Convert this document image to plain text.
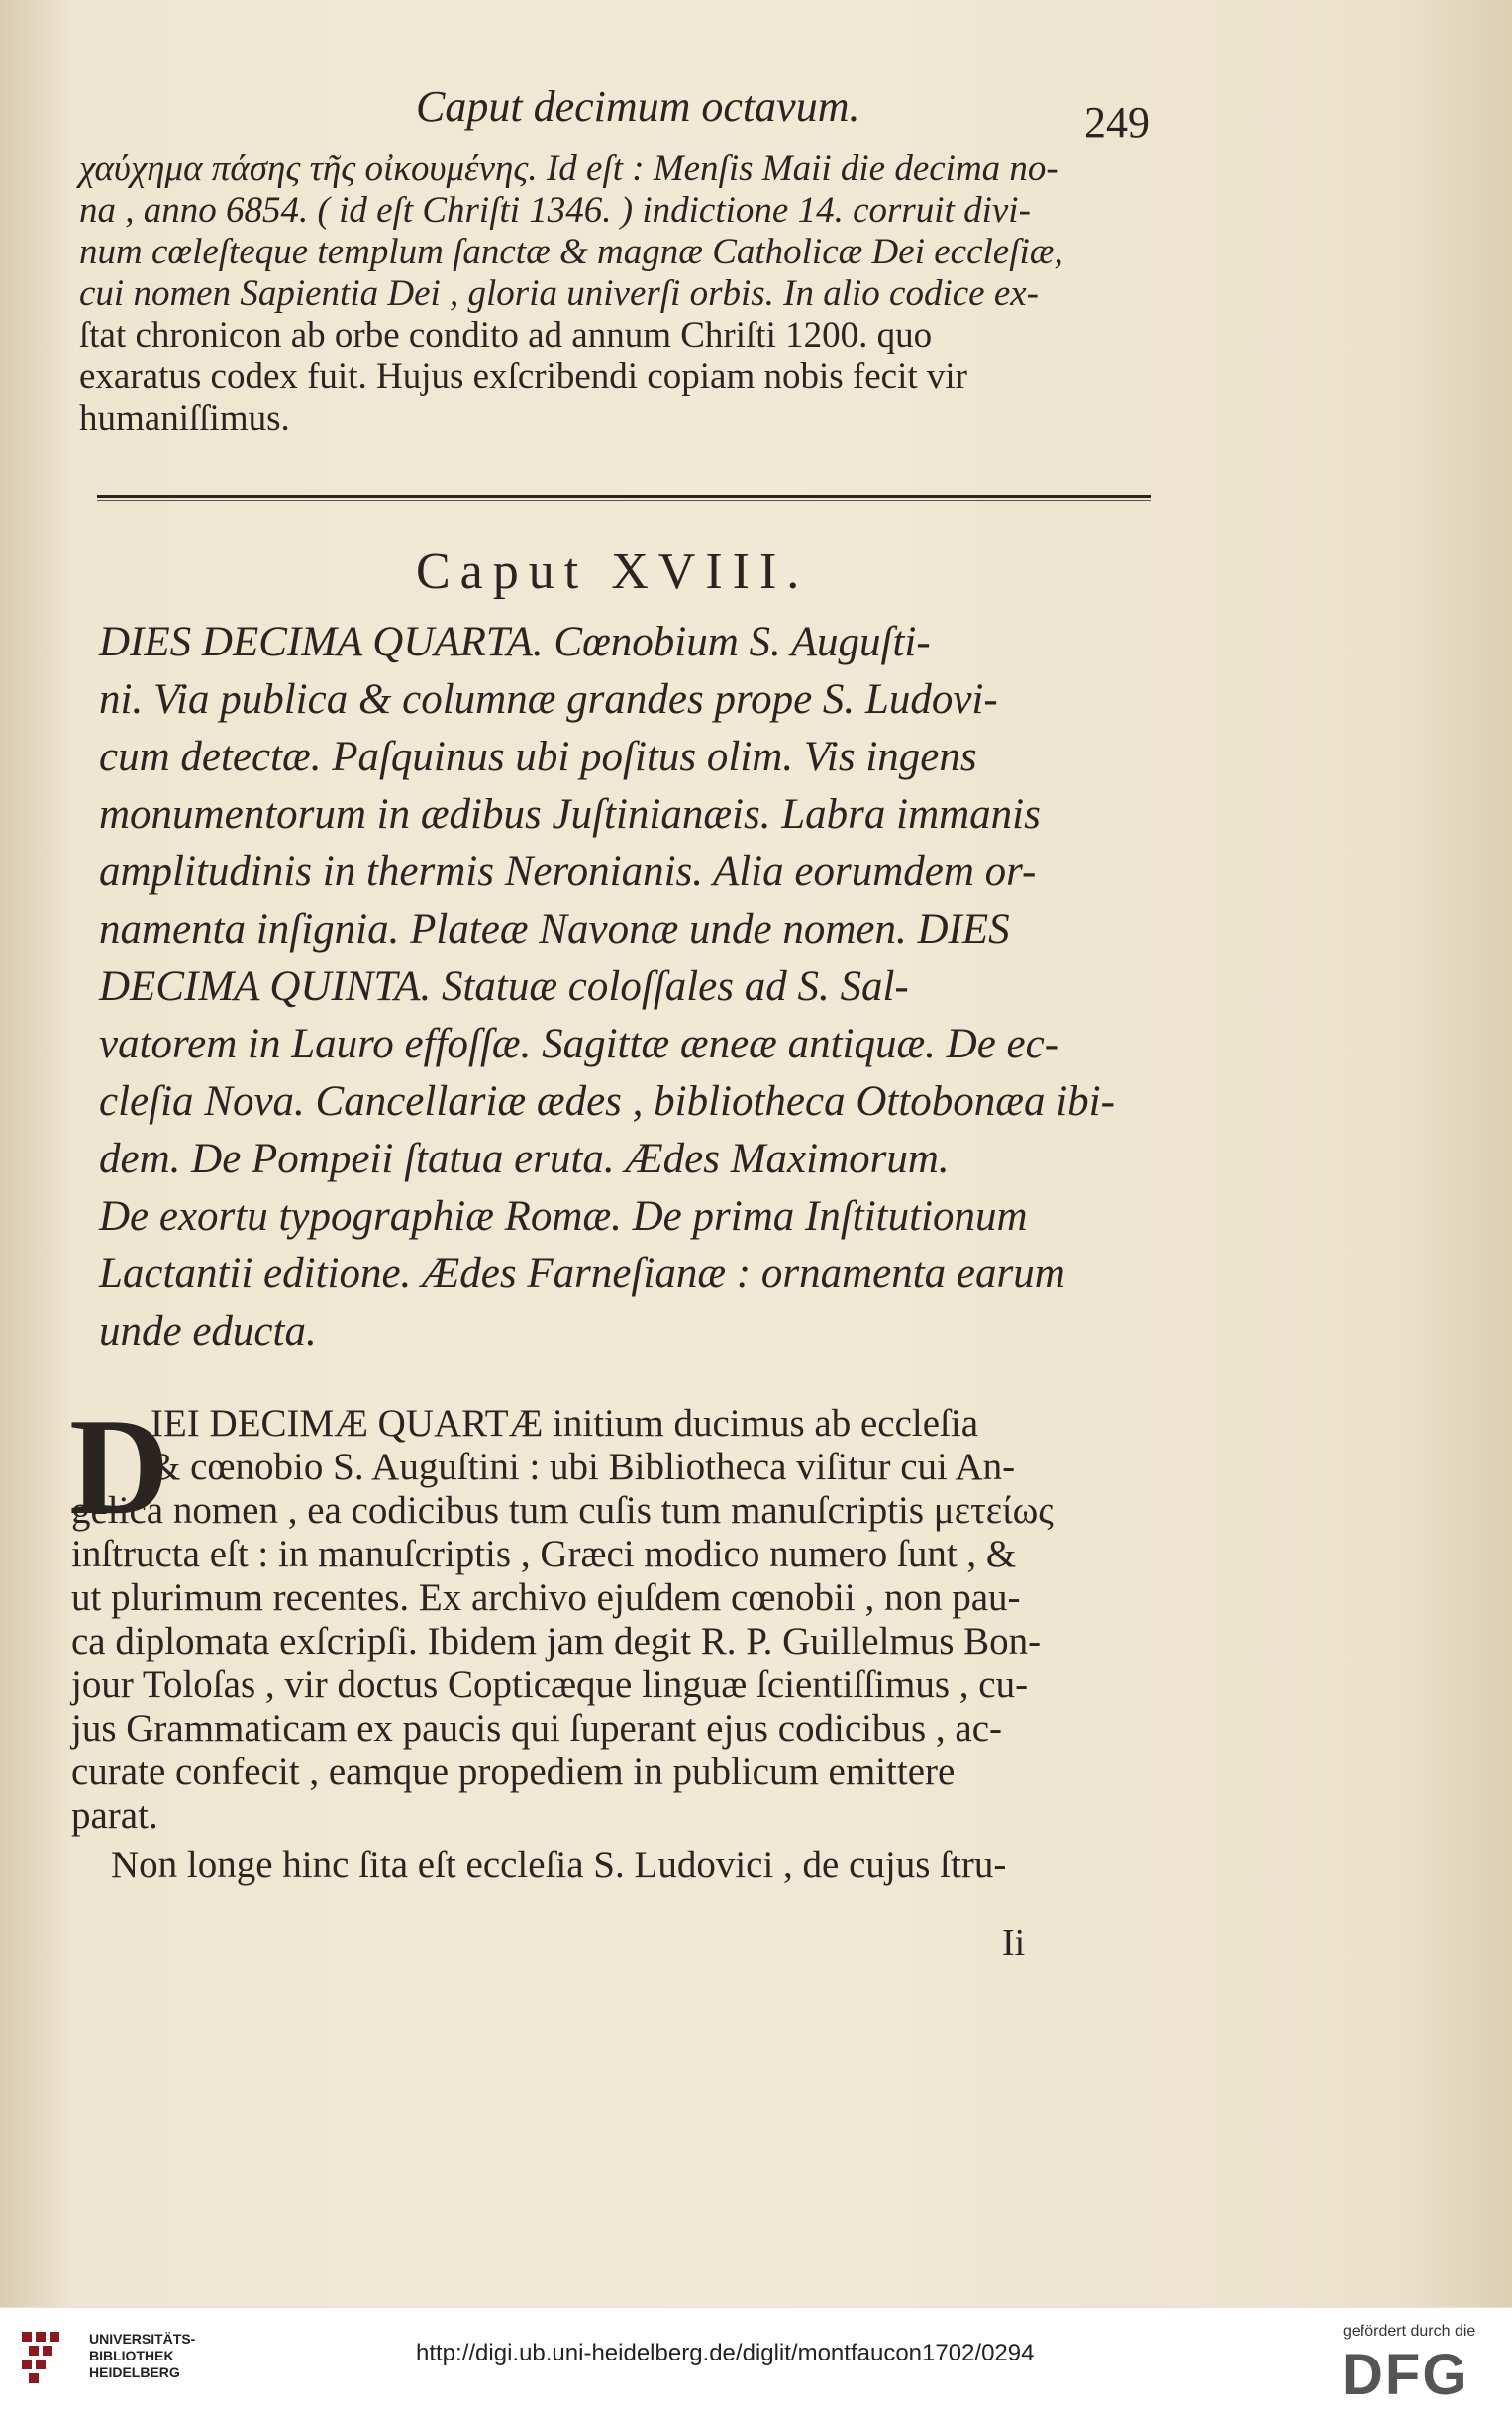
Caput decimum octavum.	249
χαύχημα πάσης τῆς οἰκουμένης. Id eſt : Menſis Maii die decima no-
na , anno 6854. ( id eſt Chriſti 1346. ) indictione 14. corruit divi-
num cœleſteque templum ſanctæ & magnæ Catholicæ Dei eccleſiæ,
cui nomen Sapientia Dei , gloria univerſi orbis. In alio codice ex-
ſtat chronicon ab orbe condito ad annum Chriſti 1200. quo
exaratus codex fuit. Hujus exſcribendi copiam nobis fecit vir
humaniſſimus.
Caput XVIII.
DIES DECIMA QUARTA. Cœnobium S. Auguſti-
ni. Via publica & columnæ grandes prope S. Ludovi-
cum detectæ. Paſquinus ubi poſitus olim. Vis ingens
monumentorum in ædibus Juſtinianæis. Labra immanis
amplitudinis in thermis Neronianis. Alia eorumdem or-
namenta inſignia. Plateæ Navonæ unde nomen. DIES
DECIMA QUINTA. Statuæ coloſſales ad S. Sal-
vatorem in Lauro effoſſæ. Sagittæ æneæ antiquæ. De ec-
cleſia Nova. Cancellariæ ædes , bibliotheca Ottobonæa ibi-
dem. De Pompeii ſtatua eruta. Ædes Maximorum.
De exortu typographiæ Romæ. De prima Inſtitutionum
Lactantii editione. Ædes Farneſianæ : ornamenta earum
unde educta.
D
IEI DECIMÆ QUARTÆ initium ducimus ab eccleſia
& cœnobio S. Auguſtini : ubi Bibliotheca viſitur cui An-
gelica nomen , ea codicibus tum cuſis tum manuſcriptis μετείως
inſtructa eſt : in manuſcriptis , Græci modico numero ſunt , &
ut plurimum recentes. Ex archivo ejuſdem cœnobii , non pau-
ca diplomata exſcripſi. Ibidem jam degit R. P. Guillelmus Bon-
jour Toloſas , vir doctus Copticæque linguæ ſcientiſſimus , cu-
jus Grammaticam ex paucis qui ſuperant ejus codicibus , ac-
curate confecit , eamque propediem in publicum emittere
parat.
Non longe hinc ſita eſt eccleſia S. Ludovici , de cujus ſtru-
Ii
UNIVERSITÄTS-
BIBLIOTHEK
HEIDELBERG
http://digi.ub.uni-heidelberg.de/diglit/montfaucon1702/0294
gefördert durch die
DFG
